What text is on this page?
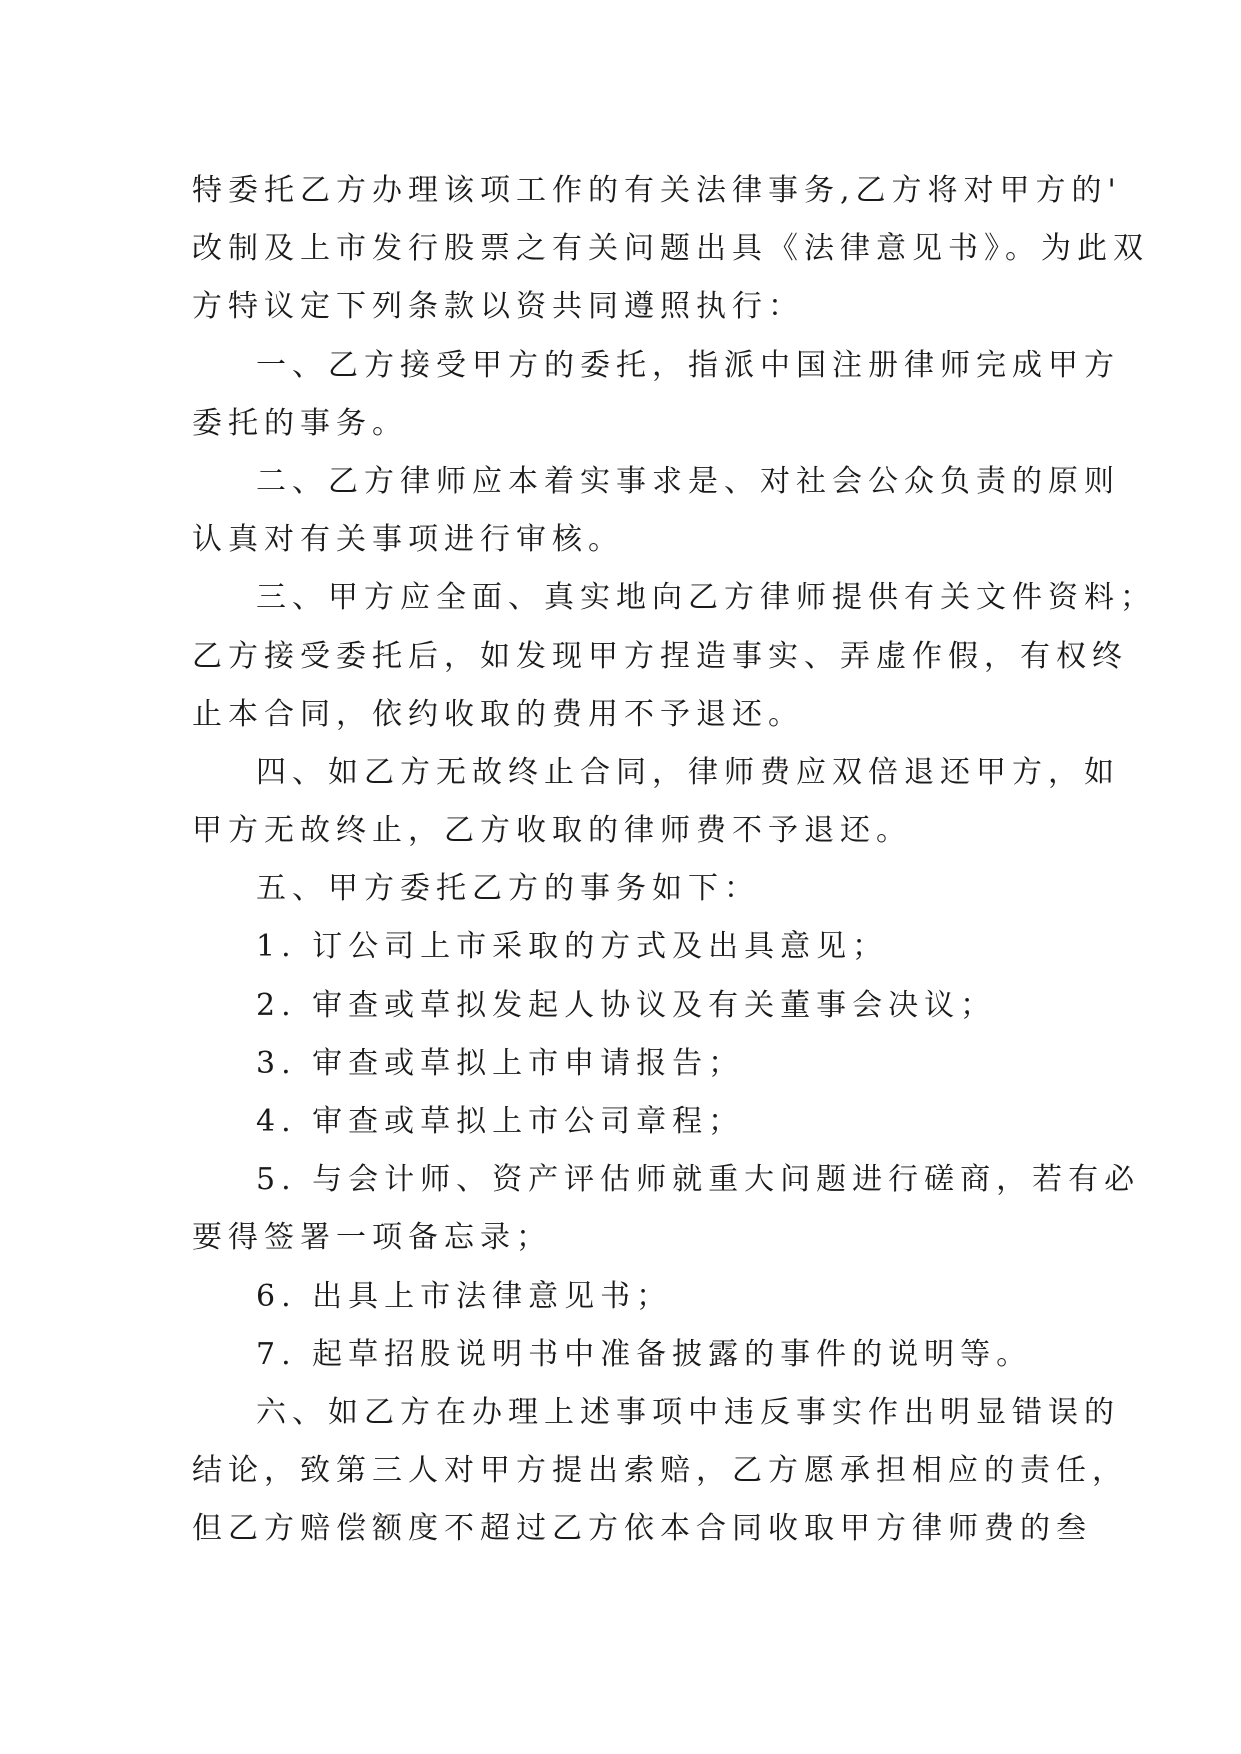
特委托乙方办理该项工作的有关法律事务,乙方将对甲方的'
改制及上市发行股票之有关问题出具《法律意见书》。为此双
方特议定下列条款以资共同遵照执行：
一、乙方接受甲方的委托，指派中国注册律师完成甲方
委托的事务。
二、乙方律师应本着实事求是、对社会公众负责的原则
认真对有关事项进行审核。
三、甲方应全面、真实地向乙方律师提供有关文件资料；
乙方接受委托后，如发现甲方捏造事实、弄虚作假，有权终
止本合同，依约收取的费用不予退还。
四、如乙方无故终止合同，律师费应双倍退还甲方，如
甲方无故终止，乙方收取的律师费不予退还。
五、甲方委托乙方的事务如下：
1. 订公司上市采取的方式及出具意见；
2. 审查或草拟发起人协议及有关董事会决议；
3. 审查或草拟上市申请报告；
4. 审查或草拟上市公司章程；
5. 与会计师、资产评估师就重大问题进行磋商，若有必
要得签署一项备忘录；
6. 出具上市法律意见书；
7. 起草招股说明书中准备披露的事件的说明等。
六、如乙方在办理上述事项中违反事实作出明显错误的
结论，致第三人对甲方提出索赔，乙方愿承担相应的责任，
但乙方赔偿额度不超过乙方依本合同收取甲方律师费的叁
